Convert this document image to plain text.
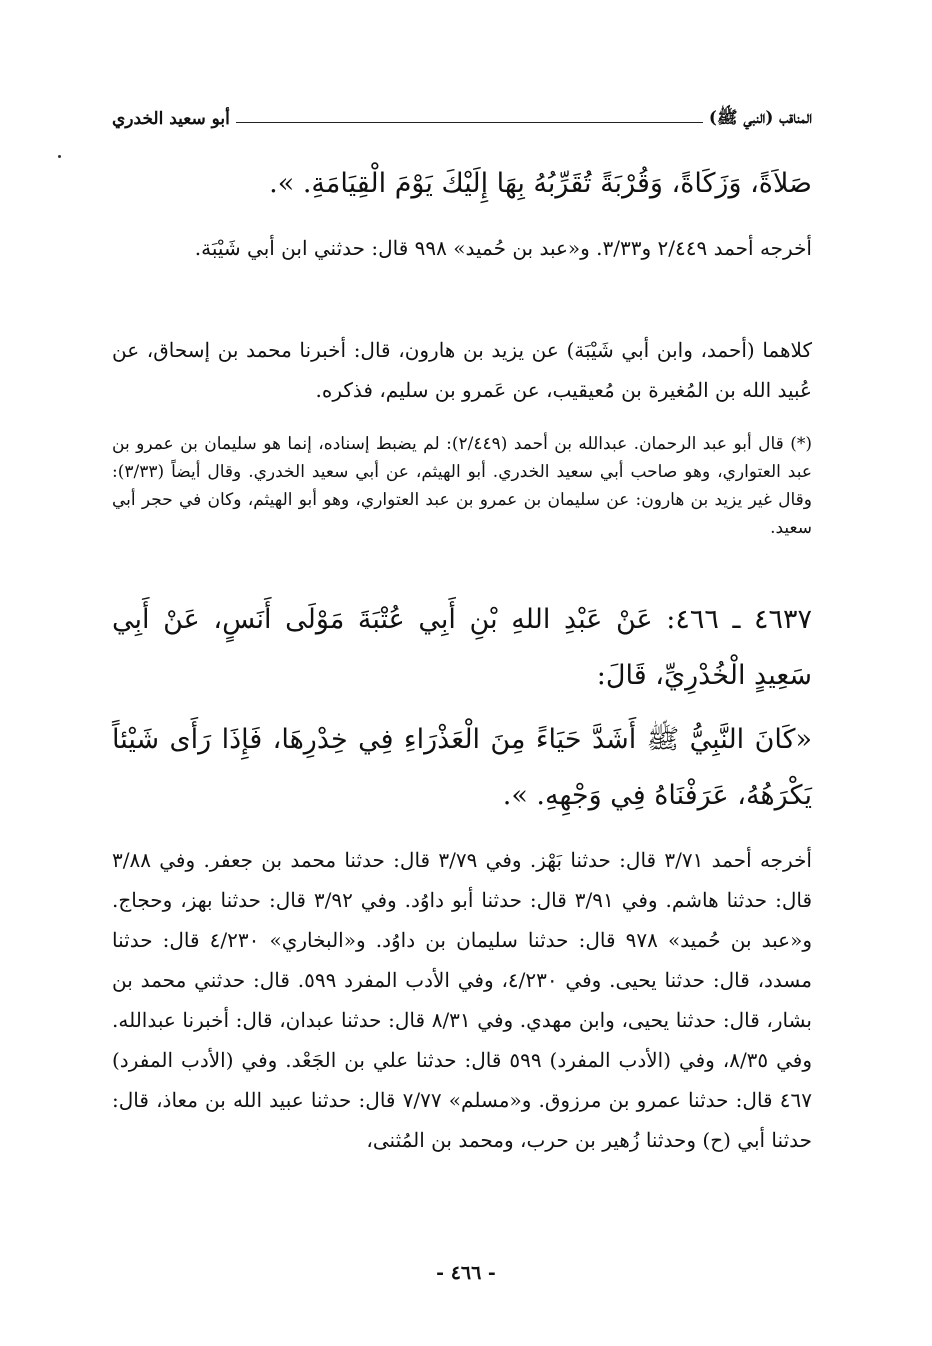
المناقب (النبي ﷺ)
أبو سعيد الخدري
صَلاَةً، وَزَكَاةً، وَقُرْبَةً تُقَرِّبُهُ بِهَا إِلَيْكَ يَوْمَ الْقِيَامَةِ. ».
أخرجه أحمد ٢/٤٤٩ و٣/٣٣. و«عبد بن حُميد» ٩٩٨ قال: حدثني ابن أبي شَيْبَة.
كلاهما (أحمد، وابن أبي شَيْبَة) عن يزيد بن هارون، قال: أخبرنا محمد بن إسحاق، عن عُبيد الله بن المُغيرة بن مُعيقيب، عن عَمرو بن سليم، فذكره.
(*) قال أبو عبد الرحمان. عبدالله بن أحمد (٢/٤٤٩): لم يضبط إسناده، إنما هو سليمان بن عمرو بن عبد العتواري، وهو صاحب أبي سعيد الخدري. أبو الهيثم، عن أبي سعيد الخدري. وقال أيضاً (٣/٣٣): وقال غير يزيد بن هارون: عن سليمان بن عمرو بن عبد العتواري، وهو أبو الهيثم، وكان في حجر أبي سعيد.
٤٦٣٧ ـ ٤٦٦: عَنْ عَبْدِ اللهِ بْنِ أَبِي عُتْبَةَ مَوْلَى أَنَسٍ، عَنْ أَبِي سَعِيدٍ الْخُدْرِيِّ، قَالَ:
«كَانَ النَّبِيُّ ﷺ أَشَدَّ حَيَاءً مِنَ الْعَذْرَاءِ فِي خِدْرِهَا، فَإِذَا رَأَى شَيْئاً يَكْرَهُهُ، عَرَفْنَاهُ فِي وَجْهِهِ. ».
أخرجه أحمد ٣/٧١ قال: حدثنا بَهْز. وفي ٣/٧٩ قال: حدثنا محمد بن جعفر. وفي ٣/٨٨ قال: حدثنا هاشم. وفي ٣/٩١ قال: حدثنا أبو داوُد. وفي ٣/٩٢ قال: حدثنا بهز، وحجاج. و«عبد بن حُميد» ٩٧٨ قال: حدثنا سليمان بن داوُد. و«البخاري» ٤/٢٣٠ قال: حدثنا مسدد، قال: حدثنا يحيى. وفي ٤/٢٣٠، وفي الأدب المفرد ٥٩٩. قال: حدثني محمد بن بشار، قال: حدثنا يحيى، وابن مهدي. وفي ٨/٣١ قال: حدثنا عبدان، قال: أخبرنا عبدالله. وفي ٨/٣٥، وفي (الأدب المفرد) ٥٩٩ قال: حدثنا علي بن الجَعْد. وفي (الأدب المفرد) ٤٦٧ قال: حدثنا عمرو بن مرزوق. و«مسلم» ٧/٧٧ قال: حدثنا عبيد الله بن معاذ، قال: حدثنا أبي (ح) وحدثنا زُهير بن حرب، ومحمد بن المُثنى،
- ٤٦٦ -
